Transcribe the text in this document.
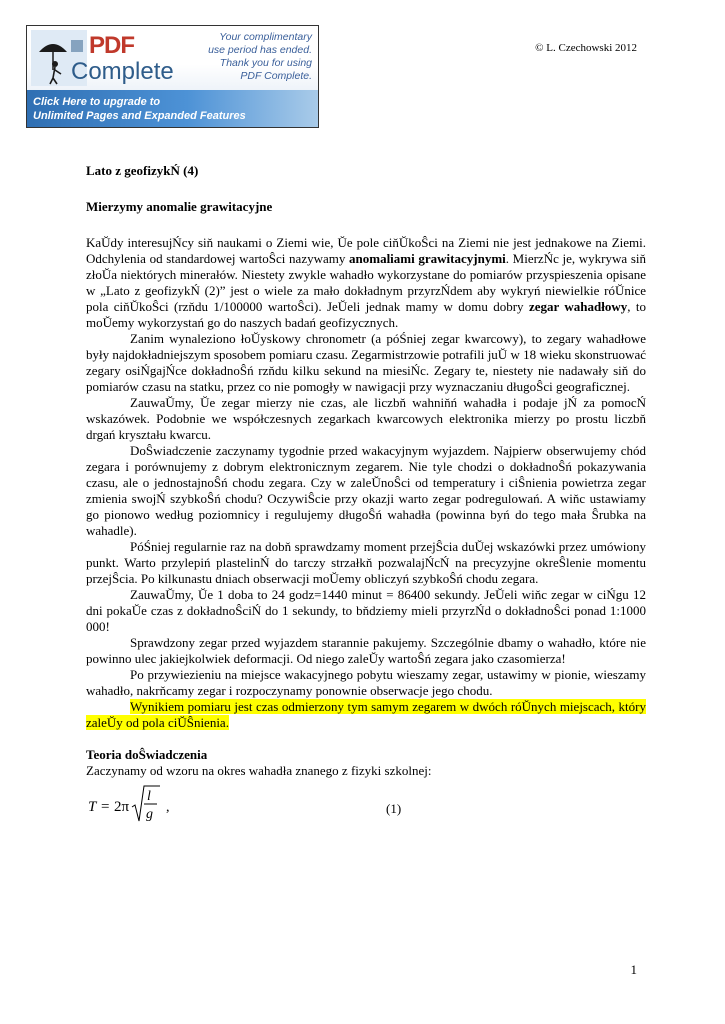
PDF
Complete
Your complimentary
use period has ended.
Thank you for using
PDF Complete.
Click Here to upgrade to
Unlimited Pages and Expanded Features
© L. Czechowski 2012

Lato z geofizykŃ (4)

Mierzymy anomalie grawitacyjne

KaŬdy interesujŃcy siň naukami o Ziemi wie, Ŭe pole ciňŬkoŜci na Ziemi nie jest jednakowe na Ziemi. Odchylenia od standardowej wartoŜci nazywamy anomaliami grawitacyjnymi. MierzŃc je, wykrywa siň złoŬa niektórych minerałów. Niestety zwykle wahadło wykorzystane do pomiarów przyspieszenia opisane w „Lato z geofizykŃ (2)” jest o wiele za mało dokładnym przyrzŃdem aby wykryń niewielkie róŬnice pola ciňŬkoŜci (rzňdu 1/100000 wartoŜci). JeŬeli jednak mamy w domu dobry zegar wahadłowy, to moŬemy wykorzystań go do naszych badań geofizycznych.

Zanim wynaleziono łoŬyskowy chronometr (a póŚniej zegar kwarcowy), to zegary wahadłowe były najdokładniejszym sposobem pomiaru czasu. Zegarmistrzowie potrafili juŬ w 18 wieku skonstruować zegary osiŃgajŃce dokładnoŜń rzňdu kilku sekund na miesiŃc. Zegary te, niestety nie nadawały siň do pomiarów czasu na statku, przez co nie pomogły w nawigacji przy wyznaczaniu długoŜci geograficznej.

ZauwaŬmy, Ŭe zegar mierzy nie czas, ale liczbň wahniňń wahadła i podaje jŃ za pomocŃ wskazówek. Podobnie we współczesnych zegarkach kwarcowych elektronika mierzy po prostu liczbň drgań kryształu kwarcu.

DoŜwiadczenie zaczynamy tygodnie przed wakacyjnym wyjazdem. Najpierw obserwujemy chód zegara i porównujemy z dobrym elektronicznym zegarem. Nie tyle chodzi o dokładnoŜń pokazywania czasu, ale o jednostajnoŜń chodu zegara. Czy w zaleŬnoŜci od temperatury i ciŜnienia powietrza zegar zmienia swojŃ szybkoŜń chodu? OczywiŜcie przy okazji warto zegar podregulowań. A wiňc ustawiamy go pionowo według poziomnicy i regulujemy długoŜń wahadła (powinna byń do tego mała Ŝrubka na wahadle).

PóŚniej regularnie raz na dobň sprawdzamy moment przejŜcia duŬej wskazówki przez umówiony punkt. Warto przylepiń plastelinŃ do tarczy strzałkň pozwalajŃcŃ na precyzyjne okreŜlenie momentu przejŜcia. Po kilkunastu dniach obserwacji moŬemy obliczyń szybkoŜń chodu zegara.

ZauwaŬmy, Ŭe 1 doba to 24 godz=1440 minut = 86400 sekundy. JeŬeli wiňc zegar w ciŃgu 12 dni pokaŬe czas z dokładnoŜciŃ do 1 sekundy, to bňdziemy mieli przyrzŃd o dokładnoŜci ponad 1:1000 000!

Sprawdzony zegar przed wyjazdem starannie pakujemy. Szczególnie dbamy o wahadło, które nie powinno ulec jakiejkolwiek deformacji. Od niego zaleŬy wartoŜń zegara jako czasomierza!

Po przywiezieniu na miejsce wakacyjnego pobytu wieszamy zegar, ustawimy w pionie, wieszamy wahadło, nakrňcamy zegar i rozpoczynamy ponownie obserwacje jego chodu.

Wynikiem pomiaru jest czas odmierzony tym samym zegarem w dwóch róŬnych miejscach, który zaleŬy od pola ciŬŜnienia.

Teoria doŜwiadczenia

Zaczynamy od wzoru na okres wahadła znanego z fizyki szkolnej:

T = 2π
l
g ,	(1)
1
